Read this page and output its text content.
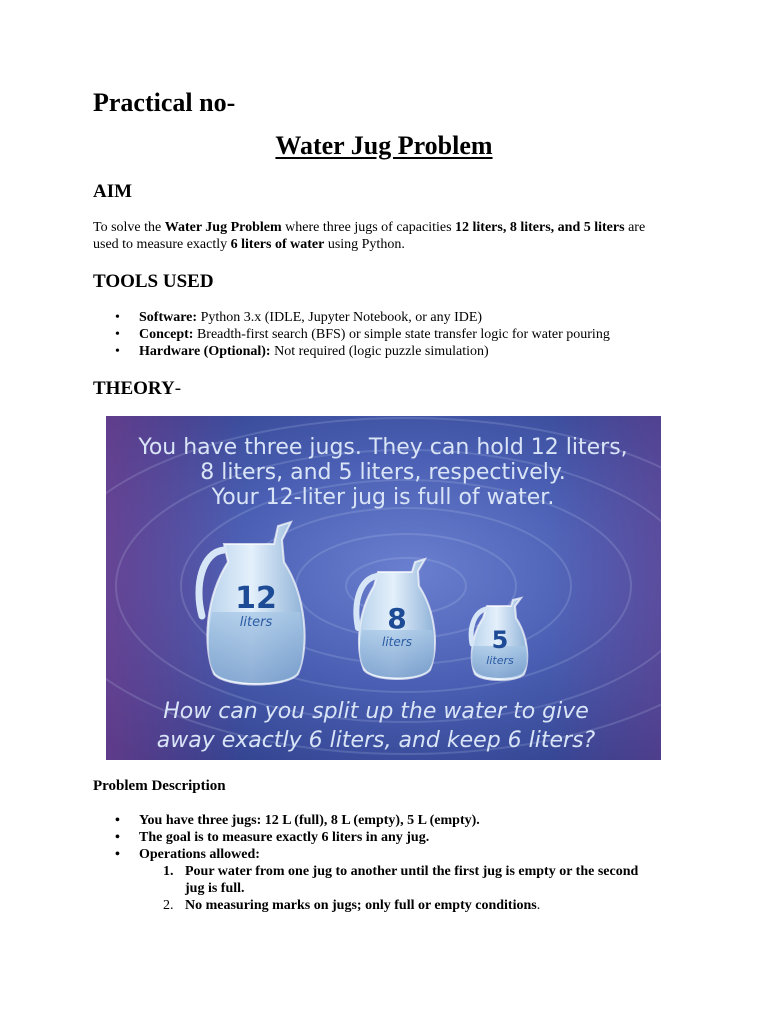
Practical no-
Water Jug Problem
AIM
To solve the Water Jug Problem where three jugs of capacities 12 liters, 8 liters, and 5 liters are used to measure exactly 6 liters of water using Python.
TOOLS USED
• Software: Python 3.x (IDLE, Jupyter Notebook, or any IDE)
• Concept: Breadth-first search (BFS) or simple state transfer logic for water pouring
• Hardware (Optional): Not required (logic puzzle simulation)
THEORY-
You have three jugs. They can hold 12 liters,
8 liters, and 5 liters, respectively.
Your 12-liter jug is full of water.
12
liters	8
liters	5
liters
How can you split up the water to give
away exactly 6 liters, and keep 6 liters?
Problem Description
• You have three jugs: 12 L (full), 8 L (empty), 5 L (empty).
• The goal is to measure exactly 6 liters in any jug.
• Operations allowed:
1. Pour water from one jug to another until the first jug is empty or the second jug is full.
2. No measuring marks on jugs; only full or empty conditions.
